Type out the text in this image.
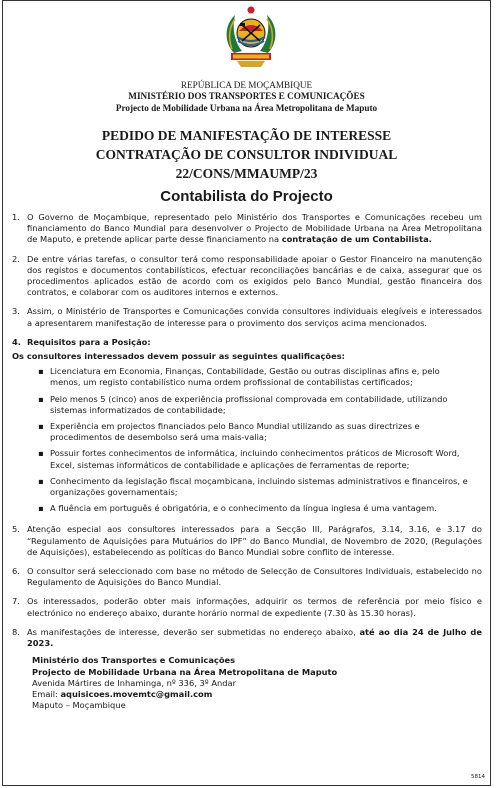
REPÚBLICA DE MOÇAMBIQUE
MINISTÉRIO DOS TRANSPORTES E COMUNICAÇÕES
Projecto de Mobilidade Urbana na Área Metropolitana de Maputo
PEDIDO DE MANIFESTAÇÃO DE INTERESSE
CONTRATAÇÃO DE CONSULTOR INDIVIDUAL
22/CONS/MMAUMP/23
Contabilista do Projecto
1. O Governo de Moçambique, representado pelo Ministério dos Transportes e Comunicações recebeu um financiamento do Banco Mundial para desenvolver o Projecto de Mobilidade Urbana na Área Metropolitana de Maputo, e pretende aplicar parte desse financiamento na contratação de um Contabilista.
2. De entre várias tarefas, o consultor terá como responsabilidade apoiar o Gestor Financeiro na manutenção dos registos e documentos contabilísticos, efectuar reconciliações bancárias e de caixa, assegurar que os procedimentos aplicados estão de acordo com os exigidos pelo Banco Mundial, gestão financeira dos contratos, e colaborar com os auditores internos e externos.
3. Assim, o Ministério de Transportes e Comunicações convida consultores individuais elegíveis e interessados a apresentarem manifestação de interesse para o provimento dos serviços acima mencionados.
4. Requisitos para a Posição:
Os consultores interessados devem possuir as seguintes qualificações:
▪ Licenciatura em Economia, Finanças, Contabilidade, Gestão ou outras disciplinas afins e, pelo menos, um registo contabilístico numa ordem profissional de contabilistas certificados;
▪ Pelo menos 5 (cinco) anos de experiência profissional comprovada em contabilidade, utilizando sistemas informatizados de contabilidade;
▪ Experiência em projectos financiados pelo Banco Mundial utilizando as suas directrizes e procedimentos de desembolso será uma mais-valia;
▪ Possuir fortes conhecimentos de informática, incluindo conhecimentos práticos de Microsoft Word, Excel, sistemas informáticos de contabilidade e aplicações de ferramentas de reporte;
▪ Conhecimento da legislação fiscal moçambicana, incluindo sistemas administrativos e financeiros, e organizações governamentais;
▪ A fluência em português é obrigatória, e o conhecimento da língua inglesa é uma vantagem.
5. Atenção especial aos consultores interessados para a Secção III, Parágrafos, 3.14, 3.16, e 3.17 do “Regulamento de Aquisições para Mutuários do IPF” do Banco Mundial, de Novembro de 2020, (Regulações de Aquisições), estabelecendo as políticas do Banco Mundial sobre conflito de interesse.
6. O consultor será seleccionado com base no método de Selecção de Consultores Individuais, estabelecido no Regulamento de Aquisições do Banco Mundial.
7. Os interessados, poderão obter mais informações, adquirir os termos de referência por meio físico e electrónico no endereço abaixo, durante horário normal de expediente (7.30 às 15.30 horas).
8. As manifestações de interesse, deverão ser submetidas no endereço abaixo, até ao dia 24 de Julho de 2023.
Ministério dos Transportes e Comunicações
Projecto de Mobilidade Urbana na Área Metropolitana de Maputo
Avenida Mártires de Inhaminga, nº 336, 3º Andar
Email: aquisicoes.movemtc@gmail.com
Maputo – Moçambique
5814
